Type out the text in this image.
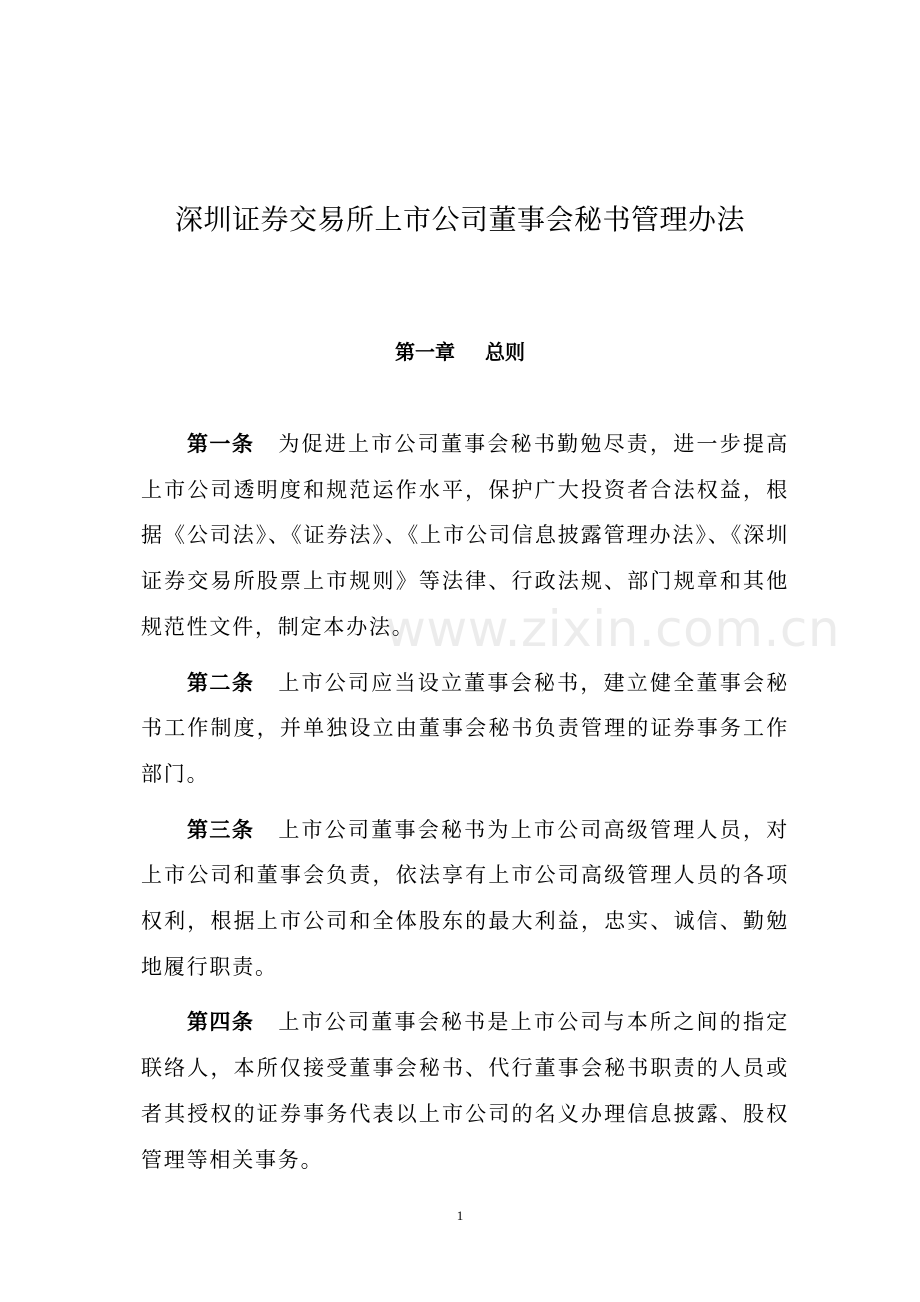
深圳证券交易所上市公司董事会秘书管理办法
第一章 总则

第一条 为促进上市公司董事会秘书勤勉尽责，进一步提高上市公司透明度和规范运作水平，保护广大投资者合法权益，根据《公司法》、《证券法》、《上市公司信息披露管理办法》、《深圳证券交易所股票上市规则》等法律、行政法规、部门规章和其他规范性文件，制定本办法。

第二条 上市公司应当设立董事会秘书，建立健全董事会秘书工作制度，并单独设立由董事会秘书负责管理的证券事务工作部门。

第三条 上市公司董事会秘书为上市公司高级管理人员，对上市公司和董事会负责，依法享有上市公司高级管理人员的各项权利，根据上市公司和全体股东的最大利益，忠实、诚信、勤勉地履行职责。

第四条 上市公司董事会秘书是上市公司与本所之间的指定联络人，本所仅接受董事会秘书、代行董事会秘书职责的人员或者其授权的证券事务代表以上市公司的名义办理信息披露、股权管理等相关事务。

www.zixin.com.cn
1
